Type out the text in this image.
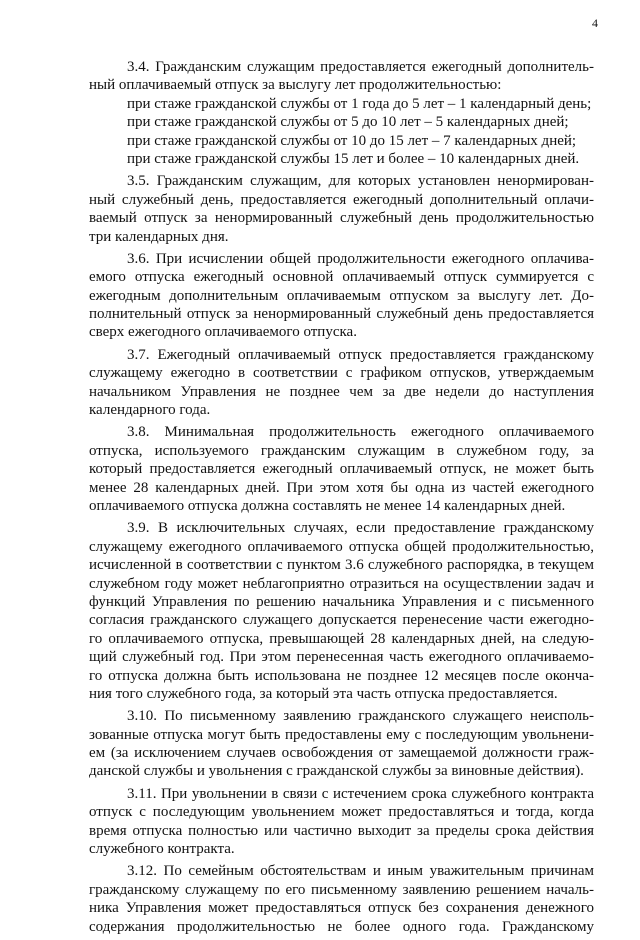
4
3.4. Гражданским служащим предоставляется ежегодный дополнитель-
ный оплачиваемый отпуск за выслугу лет продолжительностью:
при стаже гражданской службы от 1 года до 5 лет – 1 календарный день;
при стаже гражданской службы от 5 до 10 лет – 5 календарных дней;
при стаже гражданской службы от 10 до 15 лет – 7 календарных дней;
при стаже гражданской службы 15 лет и более – 10 календарных дней.
3.5. Гражданским служащим, для которых установлен ненормирован-
ный служебный день, предоставляется ежегодный дополнительный оплачи-
ваемый отпуск за ненормированный служебный день продолжительностью
три календарных дня.
3.6. При исчислении общей продолжительности ежегодного оплачива-
емого отпуска ежегодный основной оплачиваемый отпуск суммируется с
ежегодным дополнительным оплачиваемым отпуском за выслугу лет. До-
полнительный отпуск за ненормированный служебный день предоставляется
сверх ежегодного оплачиваемого отпуска.
3.7. Ежегодный оплачиваемый отпуск предоставляется гражданскому
служащему ежегодно в соответствии с графиком отпусков, утверждаемым
начальником Управления не позднее чем за две недели до наступления
календарного года.
3.8. Минимальная продолжительность ежегодного оплачиваемого
отпуска, используемого гражданским служащим в служебном году, за
который предоставляется ежегодный оплачиваемый отпуск, не может быть
менее 28 календарных дней. При этом хотя бы одна из частей ежегодного
оплачиваемого отпуска должна составлять не менее 14 календарных дней.
3.9. В исключительных случаях, если предоставление гражданскому
служащему ежегодного оплачиваемого отпуска общей продолжительностью,
исчисленной в соответствии с пунктом 3.6 служебного распорядка, в текущем
служебном году может неблагоприятно отразиться на осуществлении задач и
функций Управления по решению начальника Управления и с письменного
согласия гражданского служащего допускается перенесение части ежегодно-
го оплачиваемого отпуска, превышающей 28 календарных дней, на следую-
щий служебный год. При этом перенесенная часть ежегодного оплачиваемо-
го отпуска должна быть использована не позднее 12 месяцев после оконча-
ния того служебного года, за который эта часть отпуска предоставляется.
3.10. По письменному заявлению гражданского служащего неисполь-
зованные отпуска могут быть предоставлены ему с последующим увольнени-
ем (за исключением случаев освобождения от замещаемой должности граж-
данской службы и увольнения с гражданской службы за виновные действия).
3.11. При увольнении в связи с истечением срока служебного контракта
отпуск с последующим увольнением может предоставляться и тогда, когда
время отпуска полностью или частично выходит за пределы срока действия
служебного контракта.
3.12. По семейным обстоятельствам и иным уважительным причинам
гражданскому служащему по его письменному заявлению решением началь-
ника Управления может предоставляться отпуск без сохранения денежного
содержания продолжительностью не более одного года. Гражданскому
